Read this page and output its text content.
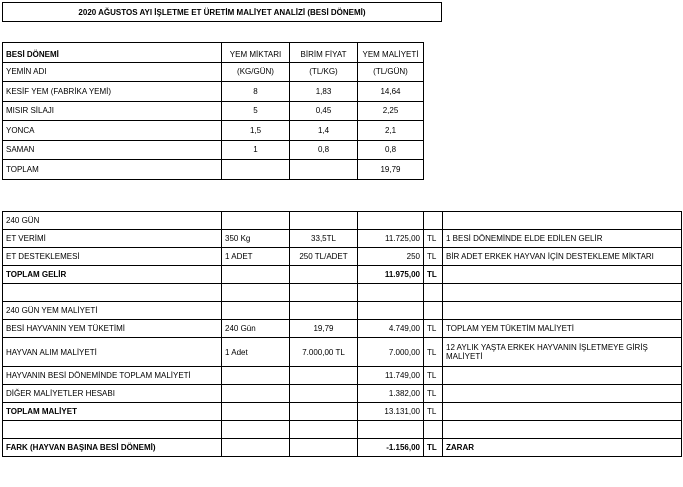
2020 AĞUSTOS AYI İŞLETME ET ÜRETİM MALİYET ANALİZİ (BESİ DÖNEMİ)
BESİ DÖNEMİ	YEM MİKTARI	BİRİM FİYAT	YEM MALİYETİ
YEMİN ADI	(KG/GÜN)	(TL/KG)	(TL/GÜN)
KESİF YEM (FABRİKA YEMİ)	8	1,83	14,64
MISIR SİLAJI	5	0,45	2,25
YONCA	1,5	1,4	2,1
SAMAN	1	0,8	0,8
TOPLAM			19,79
240 GÜN					
ET VERİMİ	350 Kg	33,5TL	11.725,00	TL	1 BESİ DÖNEMİNDE ELDE EDİLEN GELİR
ET DESTEKLEMESİ	1 ADET	250 TL/ADET	250	TL	BİR ADET ERKEK HAYVAN İÇİN DESTEKLEME MİKTARI
TOPLAM GELİR			11.975,00	TL	

240 GÜN YEM MALİYETİ					
BESİ HAYVANIN YEM TÜKETİMİ	240 Gün	19,79	4.749,00	TL	TOPLAM YEM TÜKETİM MALİYETİ
HAYVAN ALIM MALİYETİ	1 Adet	7.000,00 TL	7.000,00	TL	12 AYLIK YAŞTA ERKEK HAYVANIN İŞLETMEYE GİRİŞ MALİYETİ
HAYVANIN BESİ DÖNEMİNDE TOPLAM MALİYETİ			11.749,00	TL	
DİĞER MALİYETLER HESABI			1.382,00	TL	
TOPLAM MALİYET			13.131,00	TL	

FARK (HAYVAN BAŞINA BESİ DÖNEMİ)			-1.156,00	TL	ZARAR
